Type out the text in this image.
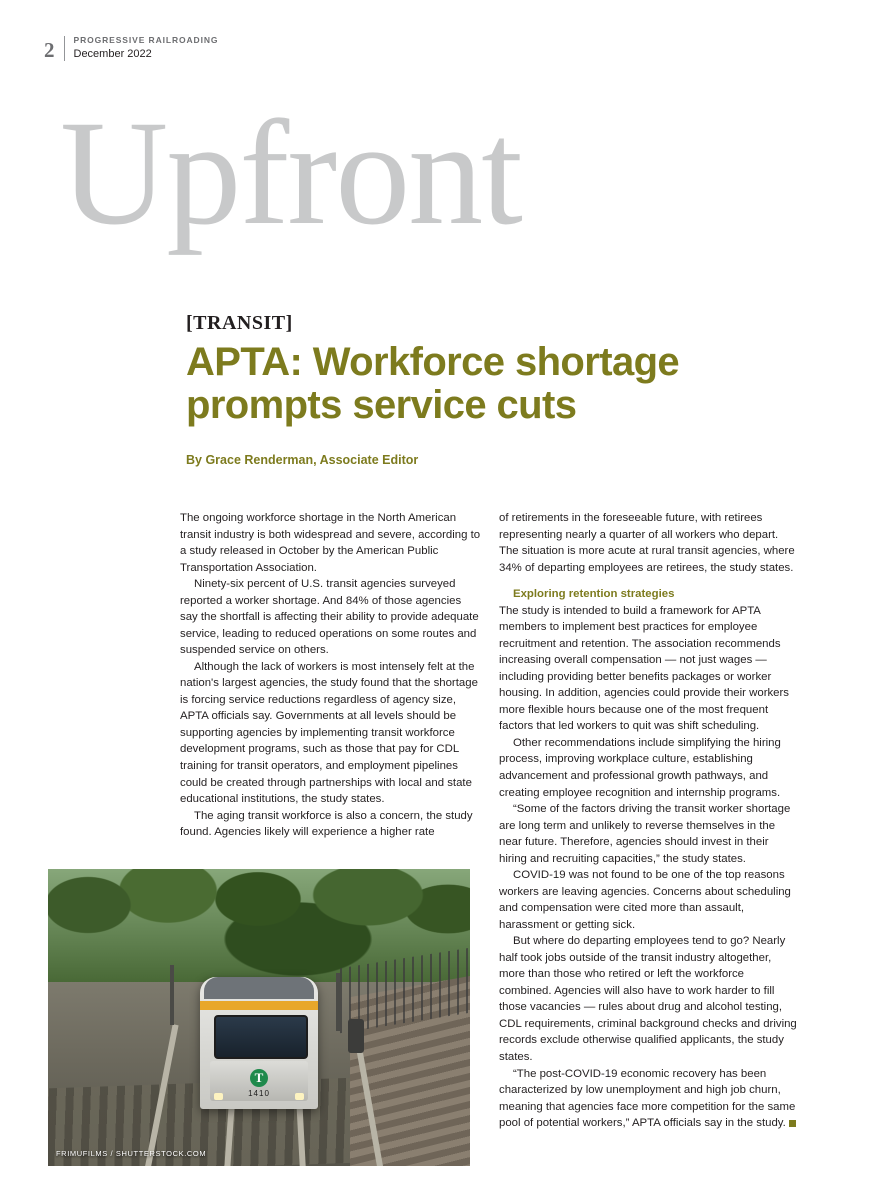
2	PROGRESSIVE RAILROADING
December 2022
Upfront
[TRANSIT]
APTA: Workforce shortage prompts service cuts
By Grace Renderman, Associate Editor

The ongoing workforce shortage in the North American transit industry is both widespread and severe, according to a study released in October by the American Public Transportation Association.

Ninety-six percent of U.S. transit agencies surveyed reported a worker shortage. And 84% of those agencies say the shortfall is affecting their ability to provide adequate service, leading to reduced operations on some routes and suspended service on others.

Although the lack of workers is most intensely felt at the nation's largest agencies, the study found that the shortage is forcing service reductions regardless of agency size, APTA officials say. Governments at all levels should be supporting agencies by implementing transit workforce development programs, such as those that pay for CDL training for transit operators, and employment pipelines could be created through partnerships with local and state educational institutions, the study states.

The aging transit workforce is also a concern, the study found. Agencies likely will experience a higher rate

of retirements in the foreseeable future, with retirees representing nearly a quarter of all workers who depart. The situation is more acute at rural transit agencies, where 34% of departing employees are retirees, the study states.

Exploring retention strategies

The study is intended to build a framework for APTA members to implement best practices for employee recruitment and retention. The association recommends increasing overall compensation — not just wages — including providing better benefits packages or worker housing. In addition, agencies could provide their workers more flexible hours because one of the most frequent factors that led workers to quit was shift scheduling.

Other recommendations include simplifying the hiring process, improving workplace culture, establishing advancement and professional growth pathways, and creating employee recognition and internship programs.

“Some of the factors driving the transit worker shortage are long term and unlikely to reverse themselves in the near future. Therefore, agencies should invest in their hiring and recruiting capacities,” the study states.

COVID-19 was not found to be one of the top reasons workers are leaving agencies. Concerns about scheduling and compensation were cited more than assault, harassment or getting sick.

But where do departing employees tend to go? Nearly half took jobs outside of the transit industry altogether, more than those who retired or left the workforce combined. Agencies will also have to work harder to fill those vacancies — rules about drug and alcohol testing, CDL requirements, criminal background checks and driving records exclude otherwise qualified applicants, the study states.

“The post-COVID-19 economic recovery has been characterized by low unemployment and high job churn, meaning that agencies face more competition for the same pool of potential workers,” APTA officials say in the study.

T
1410
FRIMUFILMS / SHUTTERSTOCK.COM
